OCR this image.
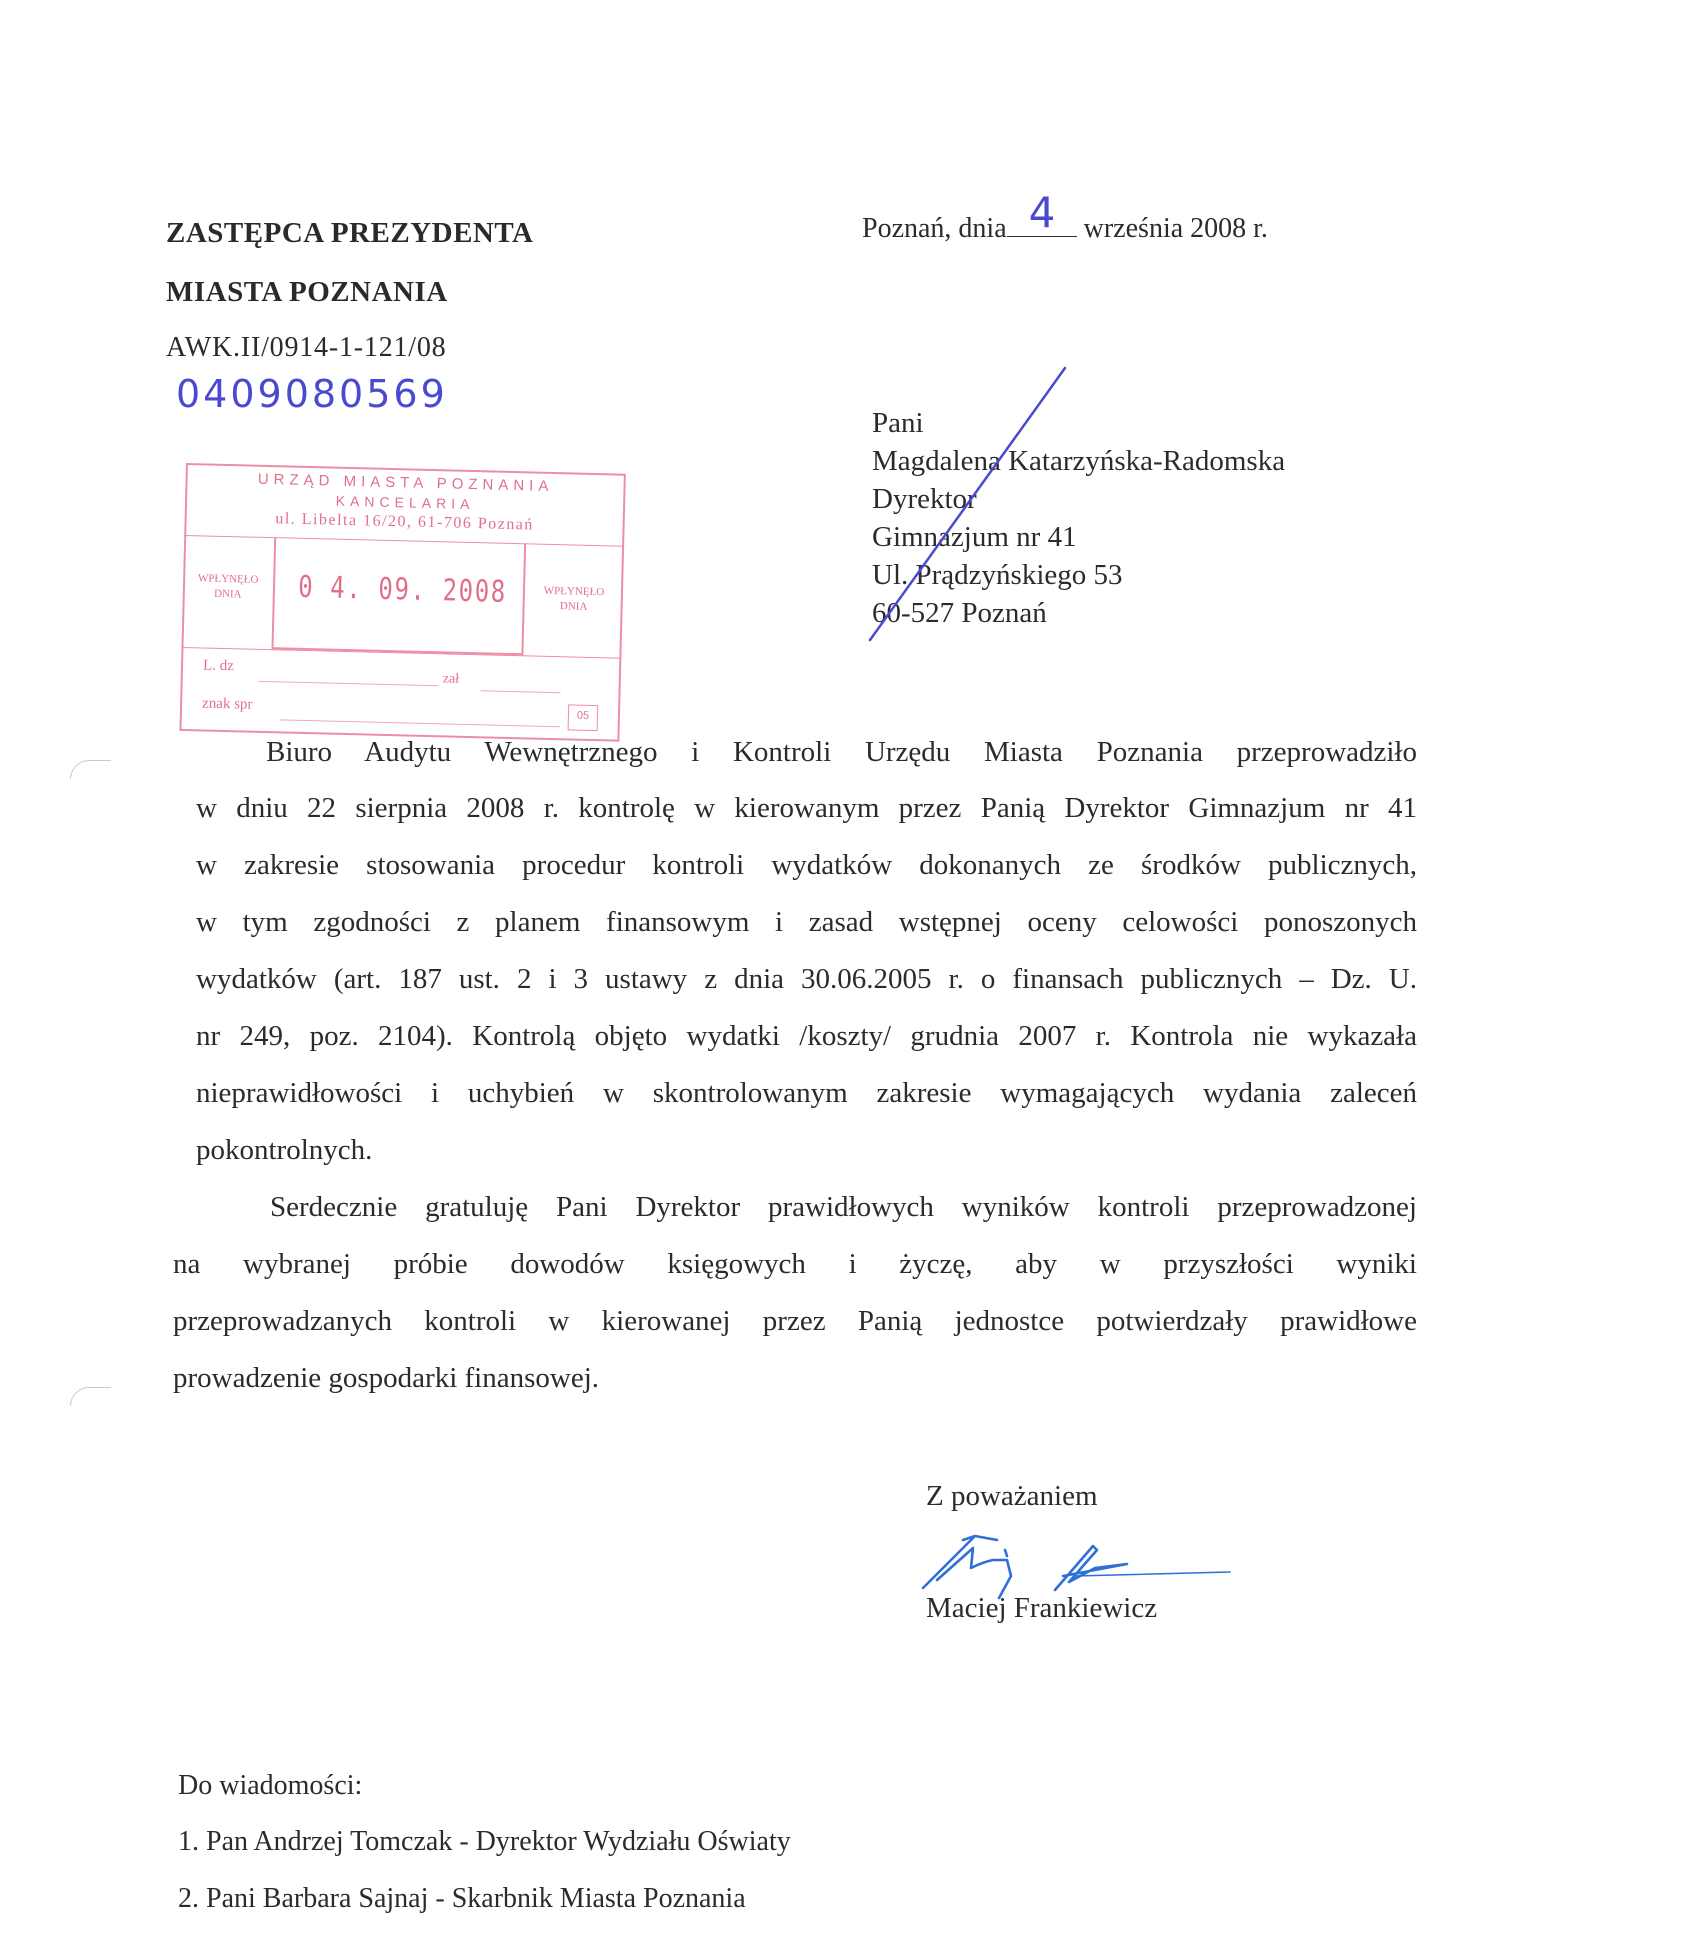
ZASTĘPCA PREZYDENTA
MIASTA POZNANIA
AWK.II/0914-1-121/08
0409080569
Poznań, dnia 4 września 2008 r.
Pani
Magdalena Katarzyńska-Radomska
Dyrektor
Gimnazjum nr 41
Ul. Prądzyńskiego 53
60-527 Poznań
URZĄD MIASTA POZNANIA
KANCELARIA
ul. Libelta 16/20, 61-706 Poznań
WPŁYNĘŁO
DNIA	0 4. 09. 2008	WPŁYNĘŁO
DNIA
L. dz
zał
znak spr
05
Biuro Audytu Wewnętrznego i Kontroli Urzędu Miasta Poznania przeprowadziło
w dniu 22 sierpnia 2008 r. kontrolę w kierowanym przez Panią Dyrektor Gimnazjum nr 41
w zakresie stosowania procedur kontroli wydatków dokonanych ze środków publicznych,
w tym zgodności z planem finansowym i zasad wstępnej oceny celowości ponoszonych
wydatków (art. 187 ust. 2 i 3 ustawy z dnia 30.06.2005 r. o finansach publicznych – Dz. U.
nr 249, poz. 2104). Kontrolą objęto wydatki /koszty/ grudnia 2007 r. Kontrola nie wykazała
nieprawidłowości i uchybień w skontrolowanym zakresie wymagających wydania zaleceń
pokontrolnych.
Serdecznie gratuluję Pani Dyrektor prawidłowych wyników kontroli przeprowadzonej
na wybranej próbie dowodów księgowych i życzę, aby w przyszłości wyniki
przeprowadzanych kontroli w kierowanej przez Panią jednostce potwierdzały prawidłowe
prowadzenie gospodarki finansowej.
Z poważaniem
Maciej Frankiewicz
Do wiadomości:
1. Pan Andrzej Tomczak - Dyrektor Wydziału Oświaty
2. Pani Barbara Sajnaj - Skarbnik Miasta Poznania
